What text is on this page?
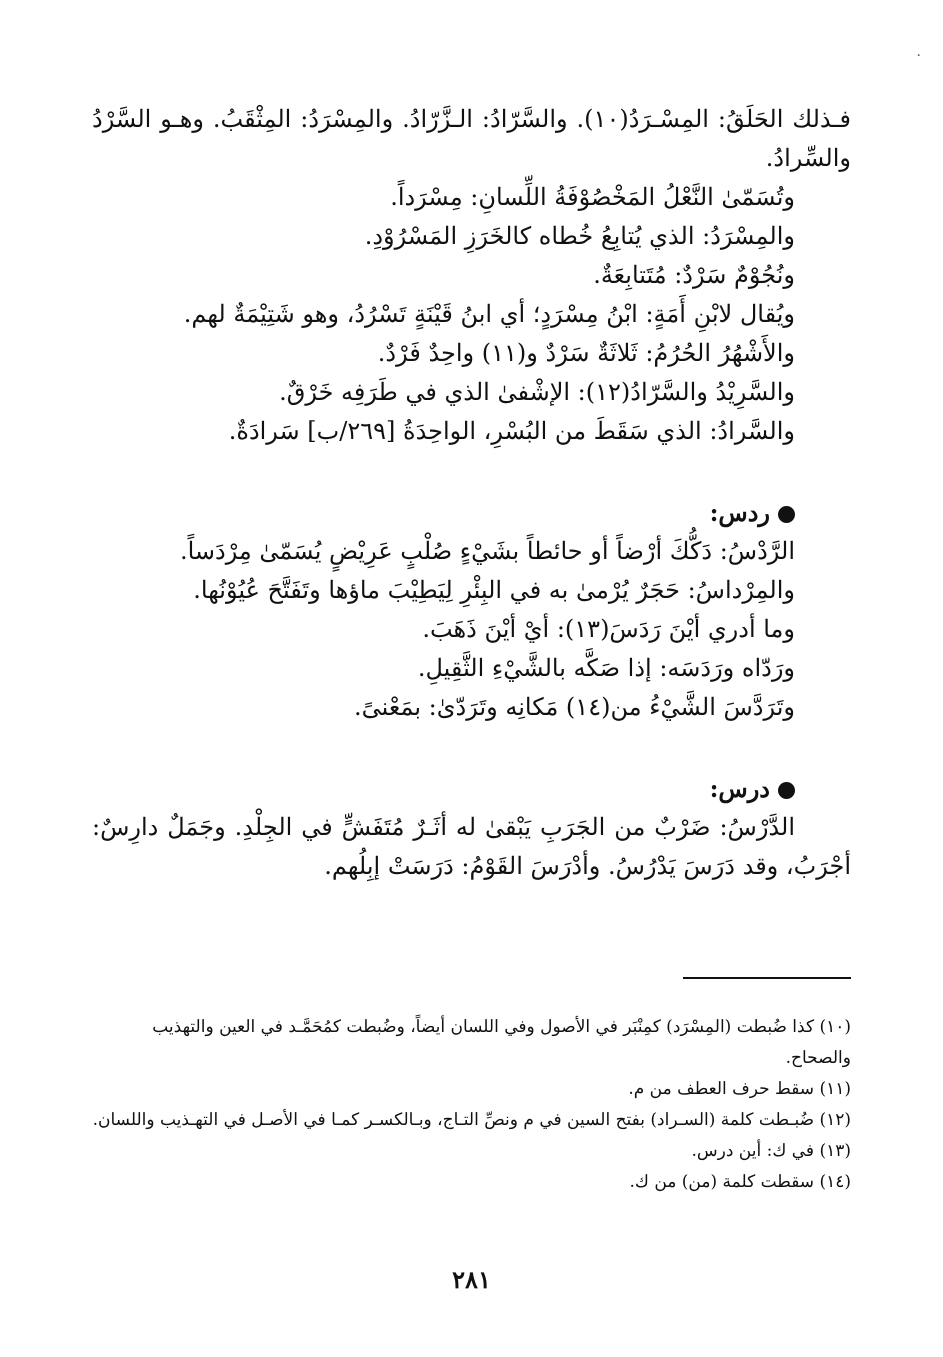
·
فـذلك الحَلَقُ: المِسْـرَدُ(١٠). والسَّرّادُ: الـزَّرّادُ. والمِسْرَدُ: المِثْقَبُ. وهـو السَّرْدُ
والسِّرادُ.
وتُسَمّىٰ النَّعْلُ المَخْصُوْفَةُ اللِّسانِ: مِسْرَداً.
والمِسْرَدُ: الذي يُتابِعُ خُطاه كالخَرَزِ المَسْرُوْدِ.
ونُجُوْمٌ سَرْدٌ: مُتَتابِعَةٌ.
ويُقال لابْنِ أَمَةٍ: ابْنُ مِسْرَدٍ؛ أي ابنُ قَيْنَةٍ تَسْرُدُ، وهو شَتِيْمَةٌ لهم.
والأَشْهُرُ الحُرُمُ: ثَلاثَةٌ سَرْدٌ و(١١) واحِدٌ فَرْدٌ.
والسَّرِيْدُ والسَّرّادُ(١٢): الإشْفىٰ الذي في طَرَفِه خَرْقٌ.
والسَّرادُ: الذي سَقَطَ من البُسْرِ، الواحِدَةُ [٢٦٩/ب] سَرادَةٌ.
ردس:
الرَّدْسُ: دَكُّكَ أرْضاً أو حائطاً بشَيْءٍ صُلْبٍ عَرِيْضٍ يُسَمّىٰ مِرْدَساً.
والمِرْداسُ: حَجَرٌ يُرْمىٰ به في البِئْرِ لِيَطِيْبَ ماؤها وتَفَتَّحَ عُيُوْنُها.
وما أدري أيْنَ رَدَسَ(١٣): أيْ أيْنَ ذَهَبَ.
ورَدّاه ورَدَسَه: إذا صَكَّه بالشَّيْءِ الثَّقِيلِ.
وتَرَدَّسَ الشَّيْءُ من(١٤) مَكانِه وتَرَدّىٰ: بمَعْنىً.
درس:
الدَّرْسُ: ضَرْبٌ من الجَرَبِ يَبْقىٰ له أثَـرٌ مُتَفَشٍّ في الجِلْدِ. وجَمَلٌ دارِسٌ:
أجْرَبُ، وقد دَرَسَ يَدْرُسُ. وأدْرَسَ القَوْمُ: دَرَسَتْ إبِلُهم.
(١٠) كذا ضُبطت (المِسْرَد) كمِنْبَر في الأصول وفي اللسان أيضاً، وضُبطت كمُحَمَّـد في العين والتهذيب والصحاح.
(١١) سقط حرف العطف من م.
(١٢) ضُبـطت كلمة (السـراد) بفتح السين في م ونصِّ التـاج، وبـالكسـر كمـا في الأصـل في التهـذيب واللسان.
(١٣) في ك: أين درس.
(١٤) سقطت كلمة (من) من ك.
٢٨١
